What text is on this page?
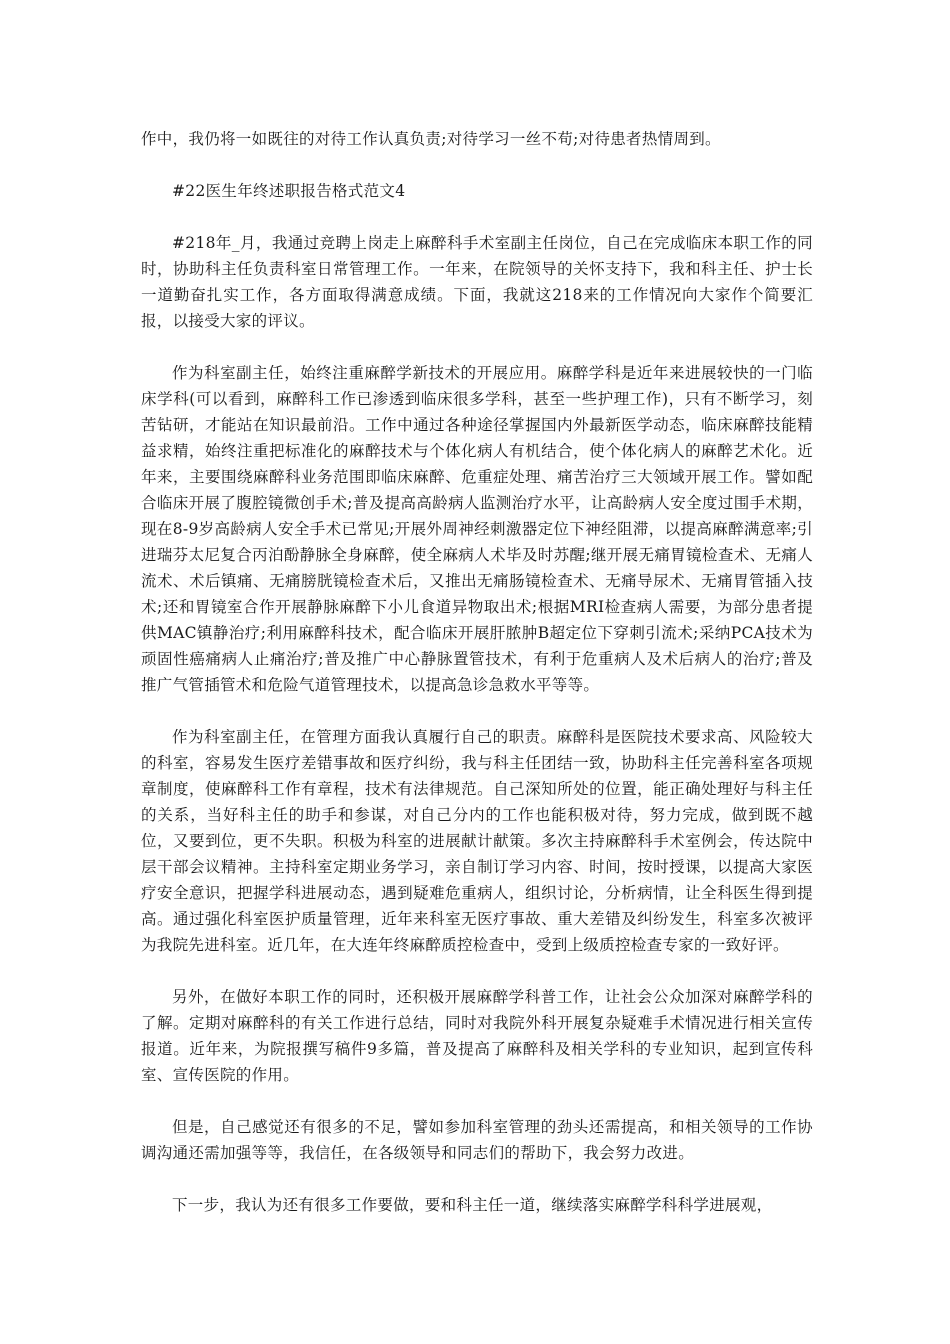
作中，我仍将一如既往的对待工作认真负责;对待学习一丝不苟;对待患者热情周到。

#22医生年终述职报告格式范文4

#218年_月，我通过竞聘上岗走上麻醉科手术室副主任岗位，自己在完成临床本职工作的同时，协助科主任负责科室日常管理工作。一年来，在院领导的关怀支持下，我和科主任、护士长一道勤奋扎实工作，各方面取得满意成绩。下面，我就这218来的工作情况向大家作个简要汇报，以接受大家的评议。

作为科室副主任，始终注重麻醉学新技术的开展应用。麻醉学科是近年来进展较快的一门临床学科(可以看到，麻醉科工作已渗透到临床很多学科，甚至一些护理工作)，只有不断学习，刻苦钻研，才能站在知识最前沿。工作中通过各种途径掌握国内外最新医学动态，临床麻醉技能精益求精，始终注重把标准化的麻醉技术与个体化病人有机结合，使个体化病人的麻醉艺术化。近年来，主要围绕麻醉科业务范围即临床麻醉、危重症处理、痛苦治疗三大领域开展工作。譬如配合临床开展了腹腔镜微创手术;普及提高高龄病人监测治疗水平，让高龄病人安全度过围手术期，现在8-9岁高龄病人安全手术已常见;开展外周神经刺激器定位下神经阻滞，以提高麻醉满意率;引进瑞芬太尼复合丙泊酚静脉全身麻醉，使全麻病人术毕及时苏醒;继开展无痛胃镜检查术、无痛人流术、术后镇痛、无痛膀胱镜检查术后，又推出无痛肠镜检查术、无痛导尿术、无痛胃管插入技术;还和胃镜室合作开展静脉麻醉下小儿食道异物取出术;根据MRI检查病人需要，为部分患者提供MAC镇静治疗;利用麻醉科技术，配合临床开展肝脓肿B超定位下穿刺引流术;采纳PCA技术为顽固性癌痛病人止痛治疗;普及推广中心静脉置管技术，有利于危重病人及术后病人的治疗;普及推广气管插管术和危险气道管理技术，以提高急诊急救水平等等。

作为科室副主任，在管理方面我认真履行自己的职责。麻醉科是医院技术要求高、风险较大的科室，容易发生医疗差错事故和医疗纠纷，我与科主任团结一致，协助科主任完善科室各项规章制度，使麻醉科工作有章程，技术有法律规范。自己深知所处的位置，能正确处理好与科主任的关系，当好科主任的助手和参谋，对自己分内的工作也能积极对待，努力完成，做到既不越位，又要到位，更不失职。积极为科室的进展献计献策。多次主持麻醉科手术室例会，传达院中层干部会议精神。主持科室定期业务学习，亲自制订学习内容、时间，按时授课，以提高大家医疗安全意识，把握学科进展动态，遇到疑难危重病人，组织讨论，分析病情，让全科医生得到提高。通过强化科室医护质量管理，近年来科室无医疗事故、重大差错及纠纷发生，科室多次被评为我院先进科室。近几年，在大连年终麻醉质控检查中，受到上级质控检查专家的一致好评。

另外，在做好本职工作的同时，还积极开展麻醉学科普工作，让社会公众加深对麻醉学科的了解。定期对麻醉科的有关工作进行总结，同时对我院外科开展复杂疑难手术情况进行相关宣传报道。近年来，为院报撰写稿件9多篇，普及提高了麻醉科及相关学科的专业知识，起到宣传科室、宣传医院的作用。

但是，自己感觉还有很多的不足，譬如参加科室管理的劲头还需提高，和相关领导的工作协调沟通还需加强等等，我信任，在各级领导和同志们的帮助下，我会努力改进。

下一步，我认为还有很多工作要做，要和科主任一道，继续落实麻醉学科科学进展观，
